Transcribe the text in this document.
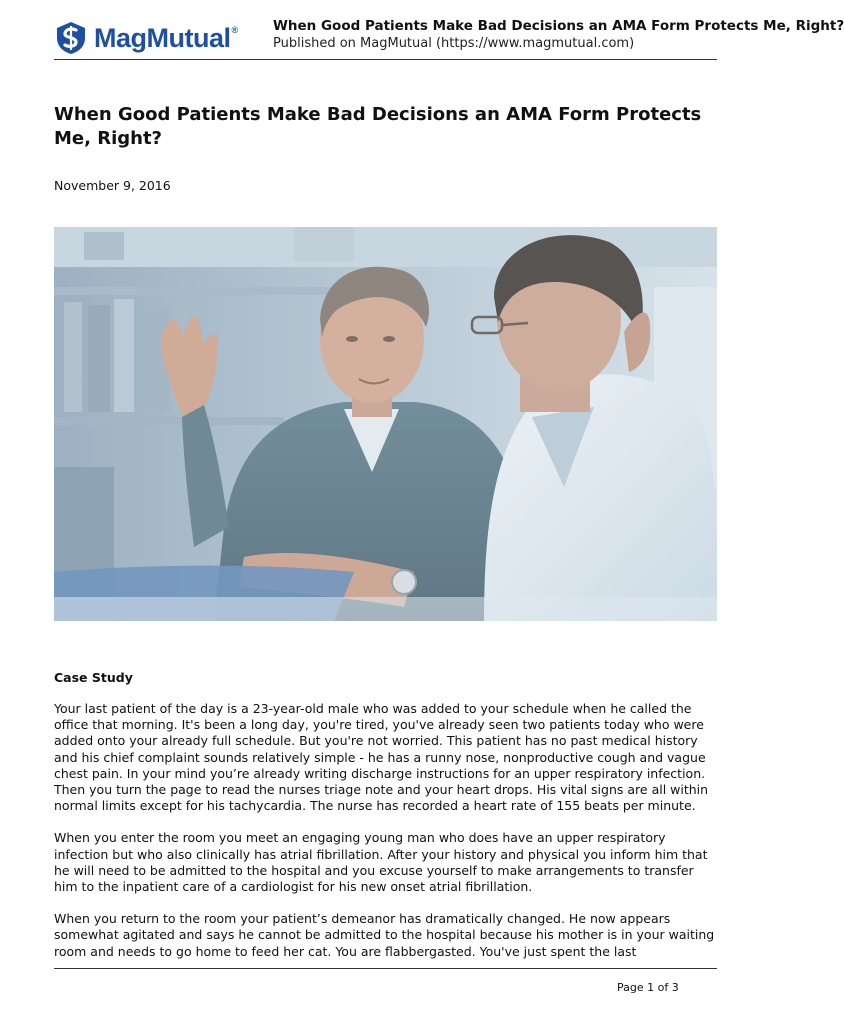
MagMutual®	When Good Patients Make Bad Decisions an AMA Form Protects Me, Right?
Published on MagMutual (https://www.magmutual.com)
When Good Patients Make Bad Decisions an AMA Form Protects Me, Right?
November 9, 2016
Case Study

Your last patient of the day is a 23-year-old male who was added to your schedule when he called the office that morning. It's been a long day, you're tired, you've already seen two patients today who were added onto your already full schedule. But you're not worried. This patient has no past medical history and his chief complaint sounds relatively simple - he has a runny nose, nonproductive cough and vague chest pain. In your mind you’re already writing discharge instructions for an upper respiratory infection. Then you turn the page to read the nurses triage note and your heart drops. His vital signs are all within normal limits except for his tachycardia. The nurse has recorded a heart rate of 155 beats per minute.

When you enter the room you meet an engaging young man who does have an upper respiratory infection but who also clinically has atrial fibrillation. After your history and physical you inform him that he will need to be admitted to the hospital and you excuse yourself to make arrangements to transfer him to the inpatient care of a cardiologist for his new onset atrial fibrillation.

When you return to the room your patient’s demeanor has dramatically changed. He now appears somewhat agitated and says he cannot be admitted to the hospital because his mother is in your waiting room and needs to go home to feed her cat. You are flabbergasted. You've just spent the last

Page 1 of 3
